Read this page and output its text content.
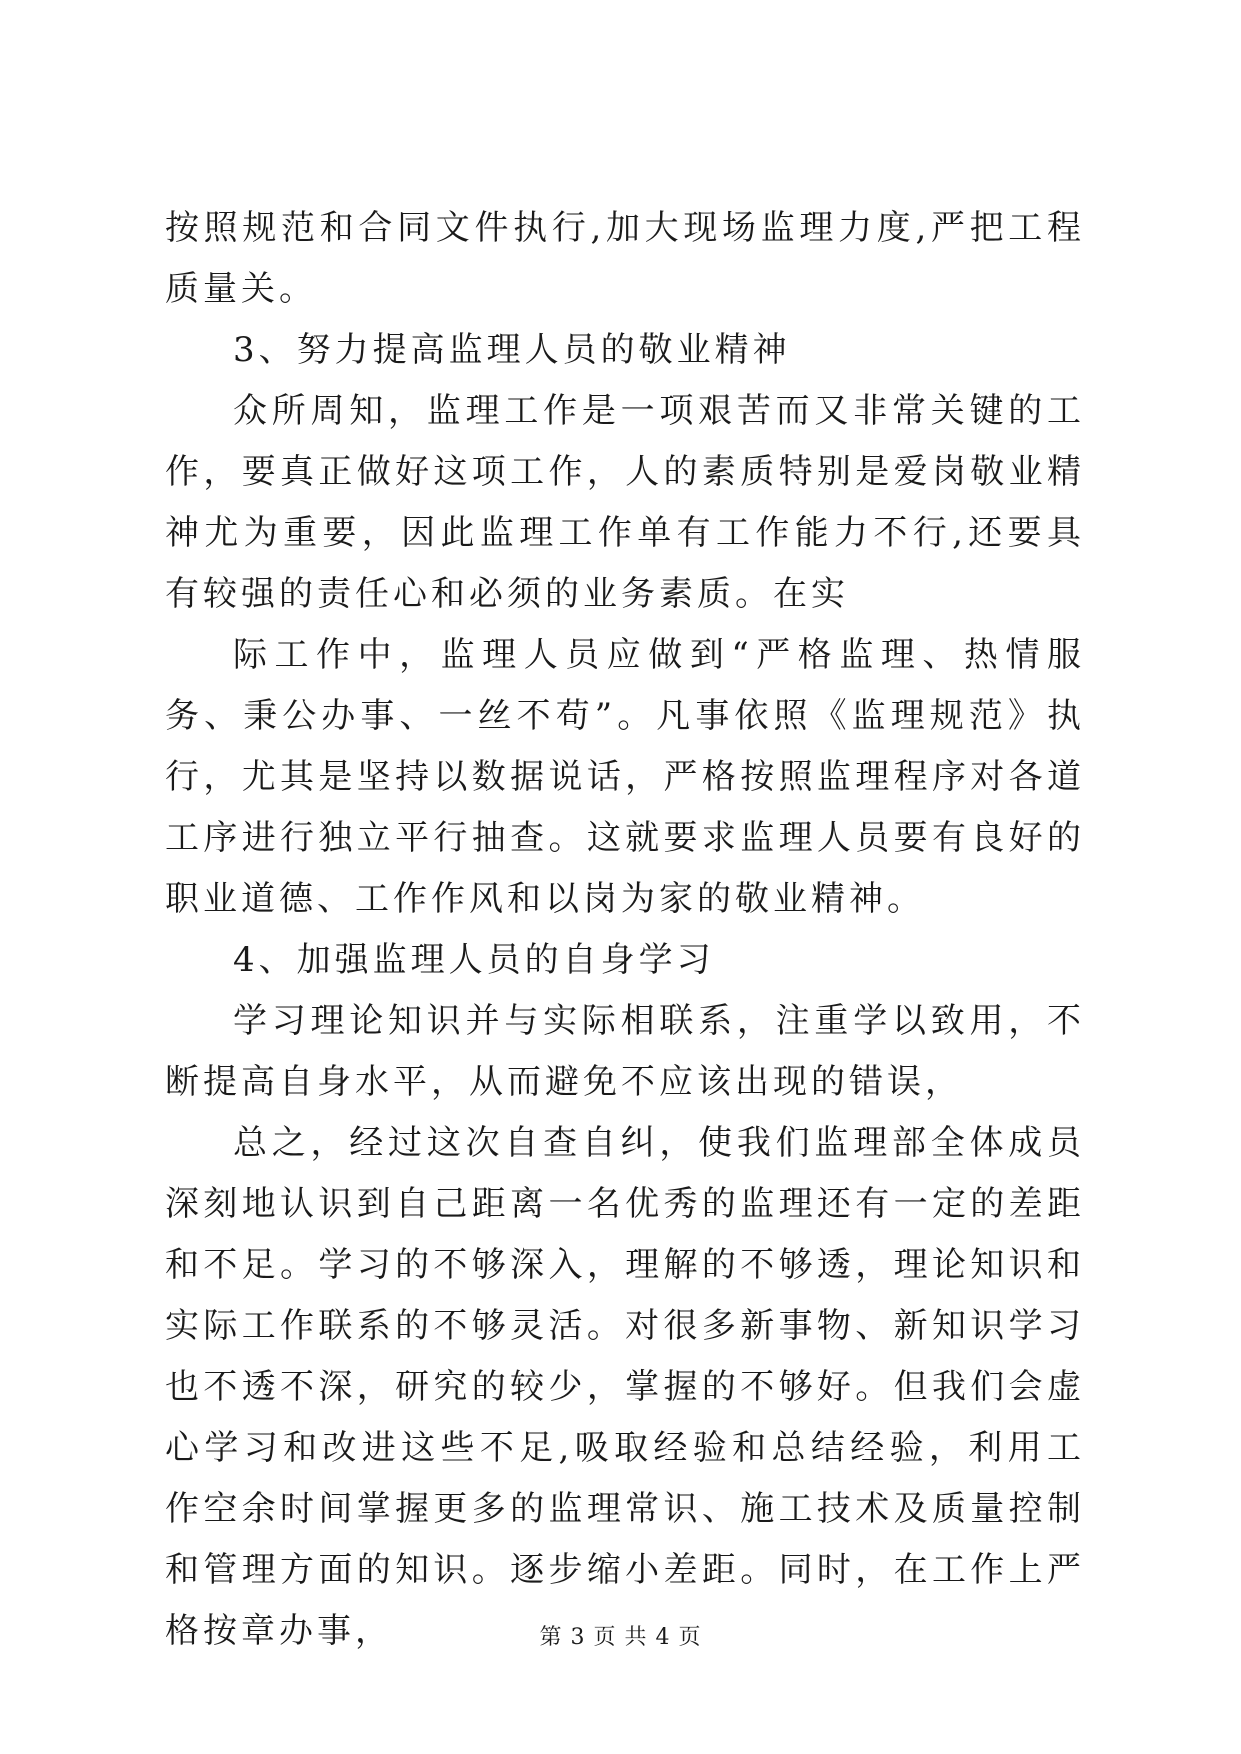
按照规范和合同文件执行,加大现场监理力度,严把工程质量关。

3、努力提高监理人员的敬业精神

众所周知，监理工作是一项艰苦而又非常关键的工作，要真正做好这项工作，人的素质特别是爱岗敬业精神尤为重要，因此监理工作单有工作能力不行,还要具有较强的责任心和必须的业务素质。在实

际工作中，监理人员应做到“严格监理、热情服务、秉公办事、一丝不苟”。凡事依照《监理规范》执行，尤其是坚持以数据说话，严格按照监理程序对各道工序进行独立平行抽查。这就要求监理人员要有良好的职业道德、工作作风和以岗为家的敬业精神。

4、加强监理人员的自身学习

学习理论知识并与实际相联系，注重学以致用，不断提高自身水平，从而避免不应该出现的错误，

总之，经过这次自查自纠，使我们监理部全体成员深刻地认识到自己距离一名优秀的监理还有一定的差距和不足。学习的不够深入，理解的不够透，理论知识和实际工作联系的不够灵活。对很多新事物、新知识学习也不透不深，研究的较少，掌握的不够好。但我们会虚心学习和改进这些不足,吸取经验和总结经验，利用工作空余时间掌握更多的监理常识、施工技术及质量控制和管理方面的知识。逐步缩小差距。同时，在工作上严格按章办事，	第 3 页 共 4 页
